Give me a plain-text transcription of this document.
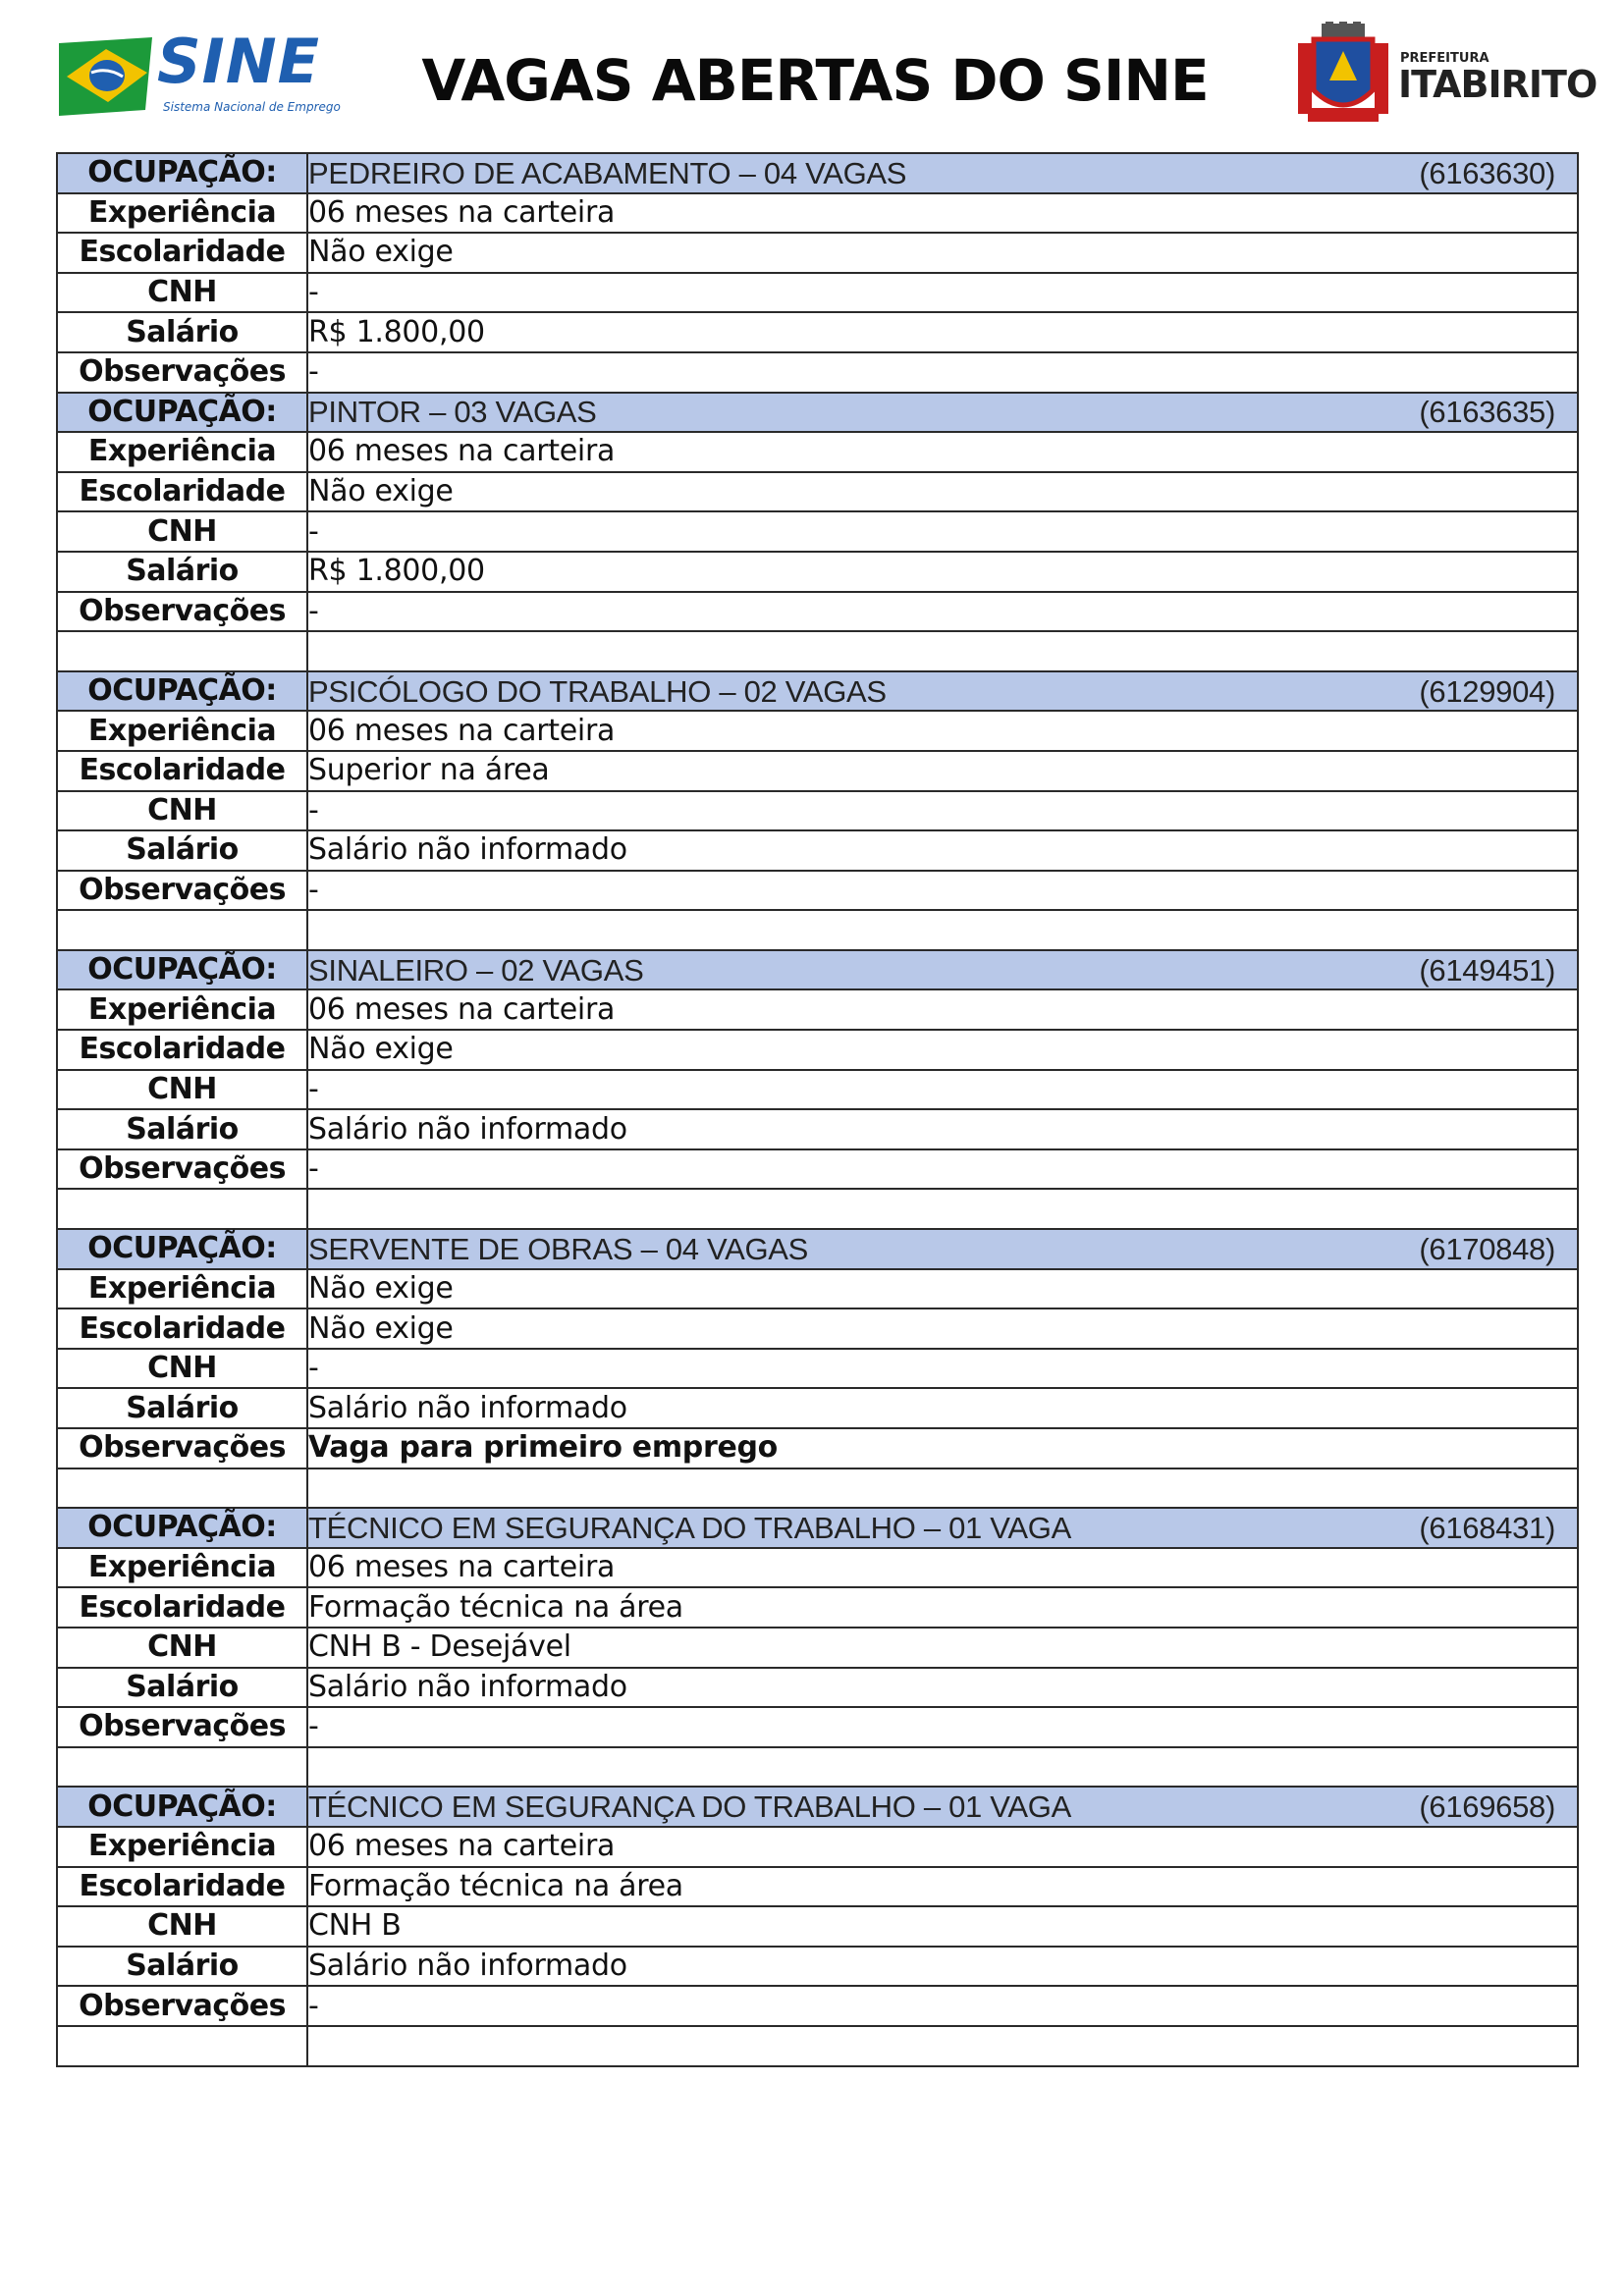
SINE
Sistema Nacional de Emprego VAGAS ABERTAS DO SINE	PREFEITURA
ITABIRITO
OCUPAÇÃO:	PEDREIRO DE ACABAMENTO – 04 VAGAS (6163630)

Experiência	06 meses na carteira
Escolaridade	Não exige
CNH	-
Salário	R$ 1.800,00
Observações	-
OCUPAÇÃO:	PINTOR – 03 VAGAS (6163635)

Experiência	06 meses na carteira
Escolaridade	Não exige
CNH	-
Salário	R$ 1.800,00
Observações	-

OCUPAÇÃO:	PSICÓLOGO DO TRABALHO – 02 VAGAS (6129904)

Experiência	06 meses na carteira
Escolaridade	Superior na área
CNH	-
Salário	Salário não informado
Observações	-

OCUPAÇÃO:	SINALEIRO – 02 VAGAS (6149451)

Experiência	06 meses na carteira
Escolaridade	Não exige
CNH	-
Salário	Salário não informado
Observações	-

OCUPAÇÃO:	SERVENTE DE OBRAS – 04 VAGAS (6170848)

Experiência	Não exige
Escolaridade	Não exige
CNH	-
Salário	Salário não informado
Observações	Vaga para primeiro emprego

OCUPAÇÃO:	TÉCNICO EM SEGURANÇA DO TRABALHO – 01 VAGA (6168431)

Experiência	06 meses na carteira
Escolaridade	Formação técnica na área
CNH	CNH B - Desejável
Salário	Salário não informado
Observações	-

OCUPAÇÃO:	TÉCNICO EM SEGURANÇA DO TRABALHO – 01 VAGA (6169658)

Experiência	06 meses na carteira
Escolaridade	Formação técnica na área
CNH	CNH B
Salário	Salário não informado
Observações	-
